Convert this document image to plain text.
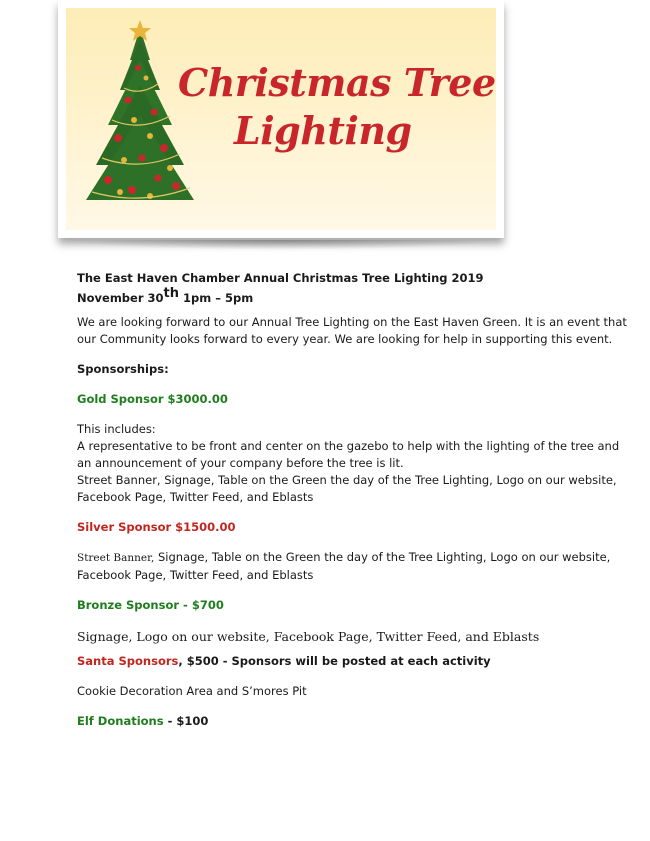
Christmas Tree
Lighting

The East Haven Chamber Annual Christmas Tree Lighting 2019

November 30th 1pm – 5pm

We are looking forward to our Annual Tree Lighting on the East Haven Green. It is an event that

our Community looks forward to every year. We are looking for help in supporting this event.

Sponsorships:

Gold Sponsor $3000.00

This includes:

A representative to be front and center on the gazebo to help with the lighting of the tree and

an announcement of your company before the tree is lit.

Street Banner, Signage, Table on the Green the day of the Tree Lighting, Logo on our website,

Facebook Page, Twitter Feed, and Eblasts

Silver Sponsor $1500.00

Street Banner, Signage, Table on the Green the day of the Tree Lighting, Logo on our website,

Facebook Page, Twitter Feed, and Eblasts

Bronze Sponsor - $700

Signage, Logo on our website, Facebook Page, Twitter Feed, and Eblasts

Santa Sponsors, $500 - Sponsors will be posted at each activity

Cookie Decoration Area and S’mores Pit

Elf Donations - $100
